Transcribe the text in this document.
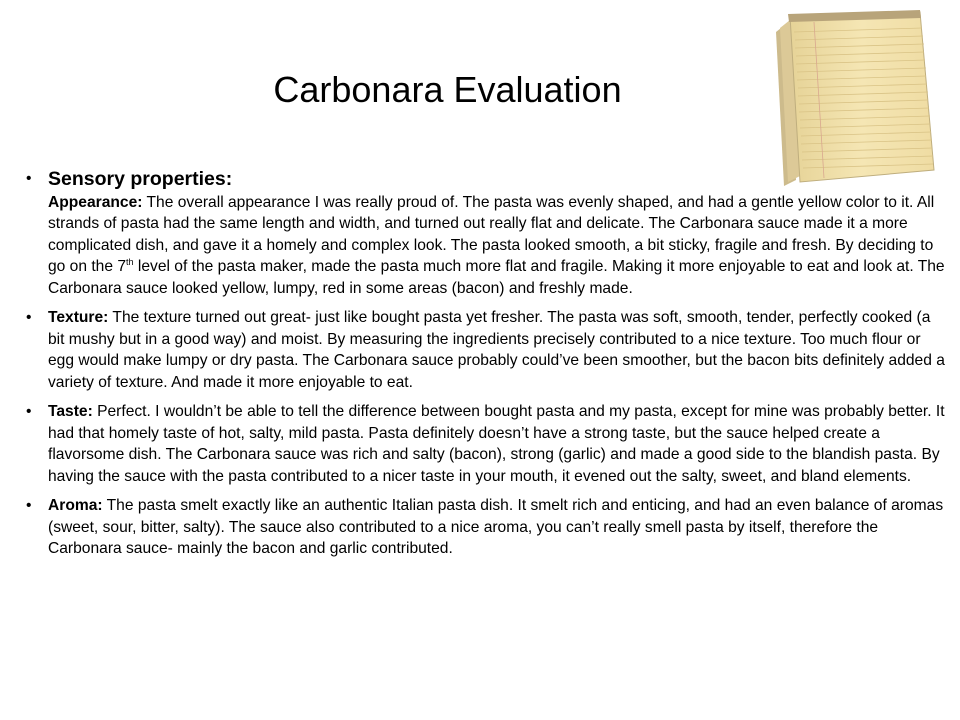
Carbonara Evaluation
• Sensory properties:
Appearance: The overall appearance I was really proud of. The pasta was evenly shaped, and had a gentle yellow color to it. All strands of pasta had the same length and width, and turned out really flat and delicate. The Carbonara sauce made it a more complicated dish, and gave it a homely and complex look. The pasta looked smooth, a bit sticky, fragile and fresh. By deciding to go on the 7th level of the pasta maker, made the pasta much more flat and fragile. Making it more enjoyable to eat and look at. The Carbonara sauce looked yellow, lumpy, red in some areas (bacon) and freshly made.
• Texture: The texture turned out great- just like bought pasta yet fresher. The pasta was soft, smooth, tender, perfectly cooked (a bit mushy but in a good way) and moist. By measuring the ingredients precisely contributed to a nice texture. Too much flour or egg would make lumpy or dry pasta. The Carbonara sauce probably could’ve been smoother, but the bacon bits definitely added a variety of texture. And made it more enjoyable to eat.
• Taste: Perfect. I wouldn’t be able to tell the difference between bought pasta and my pasta, except for mine was probably better. It had that homely taste of hot, salty, mild pasta. Pasta definitely doesn’t have a strong taste, but the sauce helped create a flavorsome dish. The Carbonara sauce was rich and salty (bacon), strong (garlic) and made a good side to the blandish pasta. By having the sauce with the pasta contributed to a nicer taste in your mouth, it evened out the salty, sweet, and bland elements.
• Aroma: The pasta smelt exactly like an authentic Italian pasta dish. It smelt rich and enticing, and had an even balance of aromas (sweet, sour, bitter, salty). The sauce also contributed to a nice aroma, you can’t really smell pasta by itself, therefore the Carbonara sauce- mainly the bacon and garlic contributed.
